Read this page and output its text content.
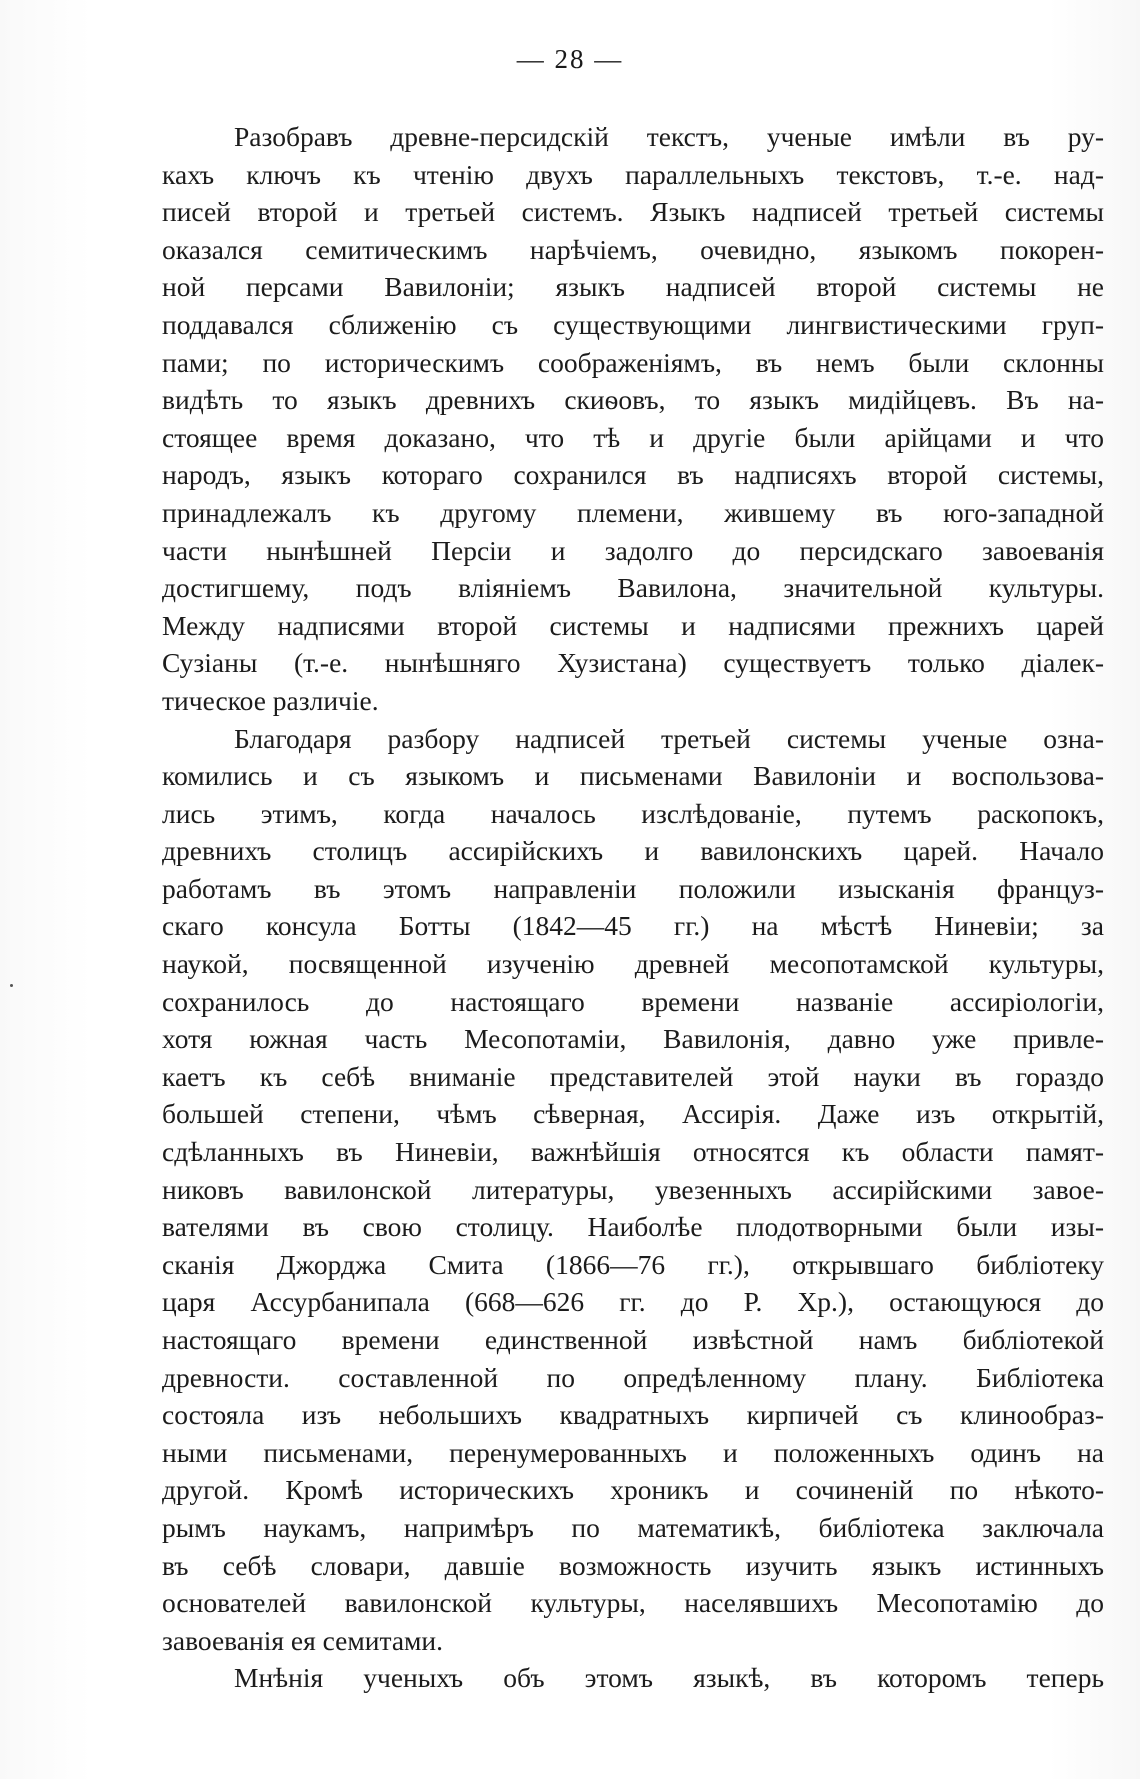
— 28 —
Разобравъ древне-персидскій текстъ, ученые имѣли въ ру-
кахъ ключъ къ чтенію двухъ параллельныхъ текстовъ, т.-е. над-
писей второй и третьей системъ. Языкъ надписей третьей системы
оказался семитическимъ нарѣчіемъ, очевидно, языкомъ покорен-
ной персами Вавилоніи; языкъ надписей второй системы не
поддавался сближенію съ существующими лингвистическими груп-
пами; по историческимъ соображеніямъ, въ немъ были склонны
видѣть то языкъ древнихъ скиѳовъ, то языкъ мидійцевъ. Въ на-
стоящее время доказано, что тѣ и другіе были арійцами и что
народъ, языкъ котораго сохранился въ надписяхъ второй системы,
принадлежалъ къ другому племени, жившему въ юго-западной
части нынѣшней Персіи и задолго до персидскаго завоеванія
достигшему, подъ вліяніемъ Вавилона, значительной культуры.
Между надписями второй системы и надписями прежнихъ царей
Сузіаны (т.-е. нынѣшняго Хузистана) существуетъ только діалек-
тическое различіе.
Благодаря разбору надписей третьей системы ученые озна-
комились и съ языкомъ и письменами Вавилоніи и воспользова-
лись этимъ, когда началось изслѣдованіе, путемъ раскопокъ,
древнихъ столицъ ассирійскихъ и вавилонскихъ царей. Начало
работамъ въ этомъ направленіи положили изысканія француз-
скаго консула Ботты (1842—45 гг.) на мѣстѣ Ниневіи; за
наукой, посвященной изученію древней месопотамской культуры,
сохранилось до настоящаго времени названіе ассиріологіи,
хотя южная часть Месопотаміи, Вавилонія, давно уже привле-
каетъ къ себѣ вниманіе представителей этой науки въ гораздо
большей степени, чѣмъ сѣверная, Ассирія. Даже изъ открытій,
сдѣланныхъ въ Ниневіи, важнѣйшія относятся къ области памят-
никовъ вавилонской литературы, увезенныхъ ассирійскими завое-
вателями въ свою столицу. Наиболѣе плодотворными были изы-
сканія Джорджа Смита (1866—76 гг.), открывшаго библіотеку
царя Ассурбанипала (668—626 гг. до Р. Хр.), остающуюся до
настоящаго времени единственной извѣстной намъ библіотекой
древности. составленной по опредѣленному плану. Библіотека
состояла изъ небольшихъ квадратныхъ кирпичей съ клинообраз-
ными письменами, перенумерованныхъ и положенныхъ одинъ на
другой. Кромѣ историческихъ хроникъ и сочиненій по нѣкото-
рымъ наукамъ, напримѣръ по математикѣ, библіотека заключала
въ себѣ словари, давшіе возможность изучить языкъ истинныхъ
основателей вавилонской культуры, населявшихъ Месопотамію до
завоеванія ея семитами.
Мнѣнія ученыхъ объ этомъ языкѣ, въ которомъ теперь
